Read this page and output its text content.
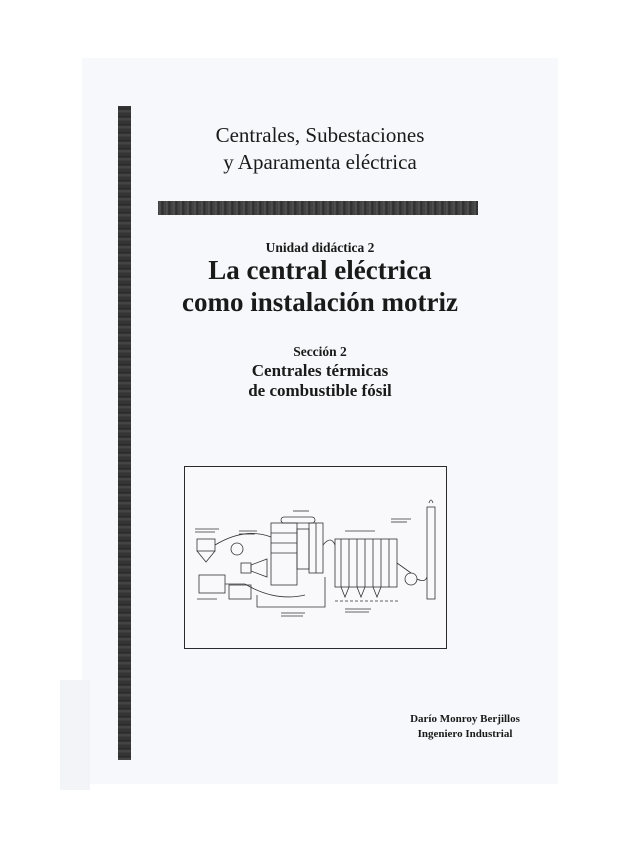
Centrales, Subestaciones
y Aparamenta eléctrica
Unidad didáctica 2
La central eléctrica
como instalación motriz
Sección 2
Centrales térmicas
de combustible fósil
Darío Monroy Berjillos
Ingeniero Industrial
